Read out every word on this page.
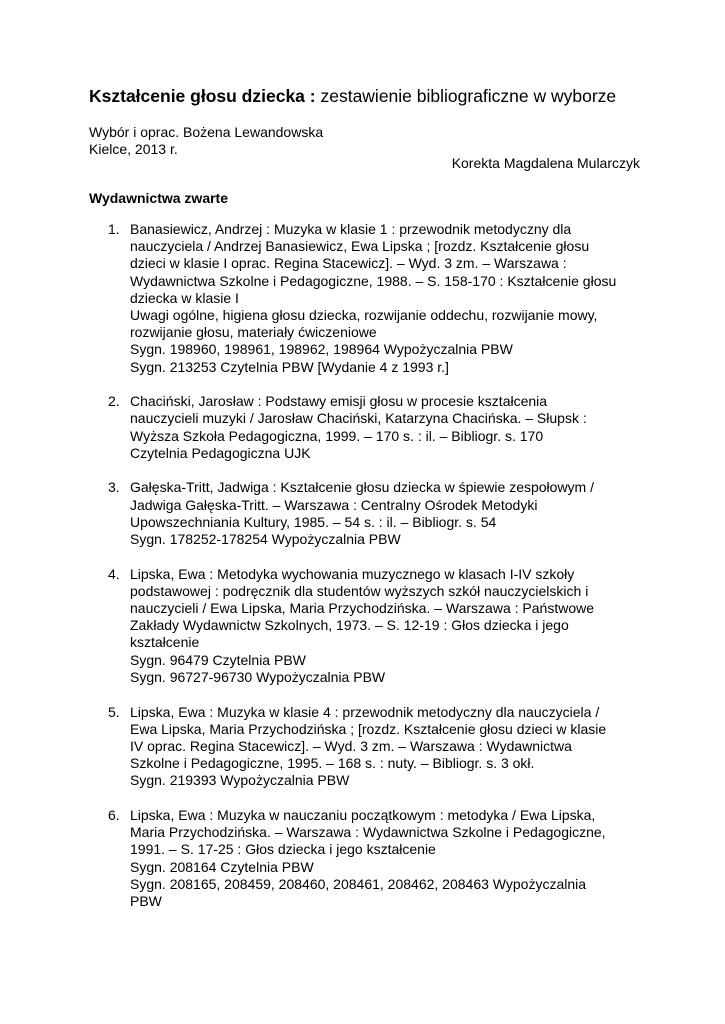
Kształcenie głosu dziecka : zestawienie bibliograficzne w wyborze
Wybór i oprac. Bożena Lewandowska
Kielce, 2013 r.
Korekta Magdalena Mularczyk
Wydawnictwa zwarte
1. Banasiewicz, Andrzej : Muzyka w klasie 1 : przewodnik metodyczny dla
nauczyciela / Andrzej Banasiewicz, Ewa Lipska ; [rozdz. Kształcenie głosu
dzieci w klasie I oprac. Regina Stacewicz]. – Wyd. 3 zm. – Warszawa :
Wydawnictwa Szkolne i Pedagogiczne, 1988. – S. 158-170 : Kształcenie głosu
dziecka w klasie I
Uwagi ogólne, higiena głosu dziecka, rozwijanie oddechu, rozwijanie mowy,
rozwijanie głosu, materiały ćwiczeniowe
Sygn. 198960, 198961, 198962, 198964 Wypożyczalnia PBW
Sygn. 213253 Czytelnia PBW [Wydanie 4 z 1993 r.]
2. Chaciński, Jarosław : Podstawy emisji głosu w procesie kształcenia
nauczycieli muzyki / Jarosław Chaciński, Katarzyna Chacińska. – Słupsk :
Wyższa Szkoła Pedagogiczna, 1999. – 170 s. : il. – Bibliogr. s. 170
Czytelnia Pedagogiczna UJK
3. Gałęska-Tritt, Jadwiga : Kształcenie głosu dziecka w śpiewie zespołowym /
Jadwiga Gałęska-Tritt. – Warszawa : Centralny Ośrodek Metodyki
Upowszechniania Kultury, 1985. – 54 s. : il. – Bibliogr. s. 54
Sygn. 178252-178254 Wypożyczalnia PBW
4. Lipska, Ewa : Metodyka wychowania muzycznego w klasach I-IV szkoły
podstawowej : podręcznik dla studentów wyższych szkół nauczycielskich i
nauczycieli / Ewa Lipska, Maria Przychodzińska. – Warszawa : Państwowe
Zakłady Wydawnictw Szkolnych, 1973. – S. 12-19 : Głos dziecka i jego
kształcenie
Sygn. 96479 Czytelnia PBW
Sygn. 96727-96730 Wypożyczalnia PBW
5. Lipska, Ewa : Muzyka w klasie 4 : przewodnik metodyczny dla nauczyciela /
Ewa Lipska, Maria Przychodzińska ; [rozdz. Kształcenie głosu dzieci w klasie
IV oprac. Regina Stacewicz]. – Wyd. 3 zm. – Warszawa : Wydawnictwa
Szkolne i Pedagogiczne, 1995. – 168 s. : nuty. – Bibliogr. s. 3 okł.
Sygn. 219393 Wypożyczalnia PBW
6. Lipska, Ewa : Muzyka w nauczaniu początkowym : metodyka / Ewa Lipska,
Maria Przychodzińska. – Warszawa : Wydawnictwa Szkolne i Pedagogiczne,
1991. – S. 17-25 : Głos dziecka i jego kształcenie
Sygn. 208164 Czytelnia PBW
Sygn. 208165, 208459, 208460, 208461, 208462, 208463 Wypożyczalnia
PBW
